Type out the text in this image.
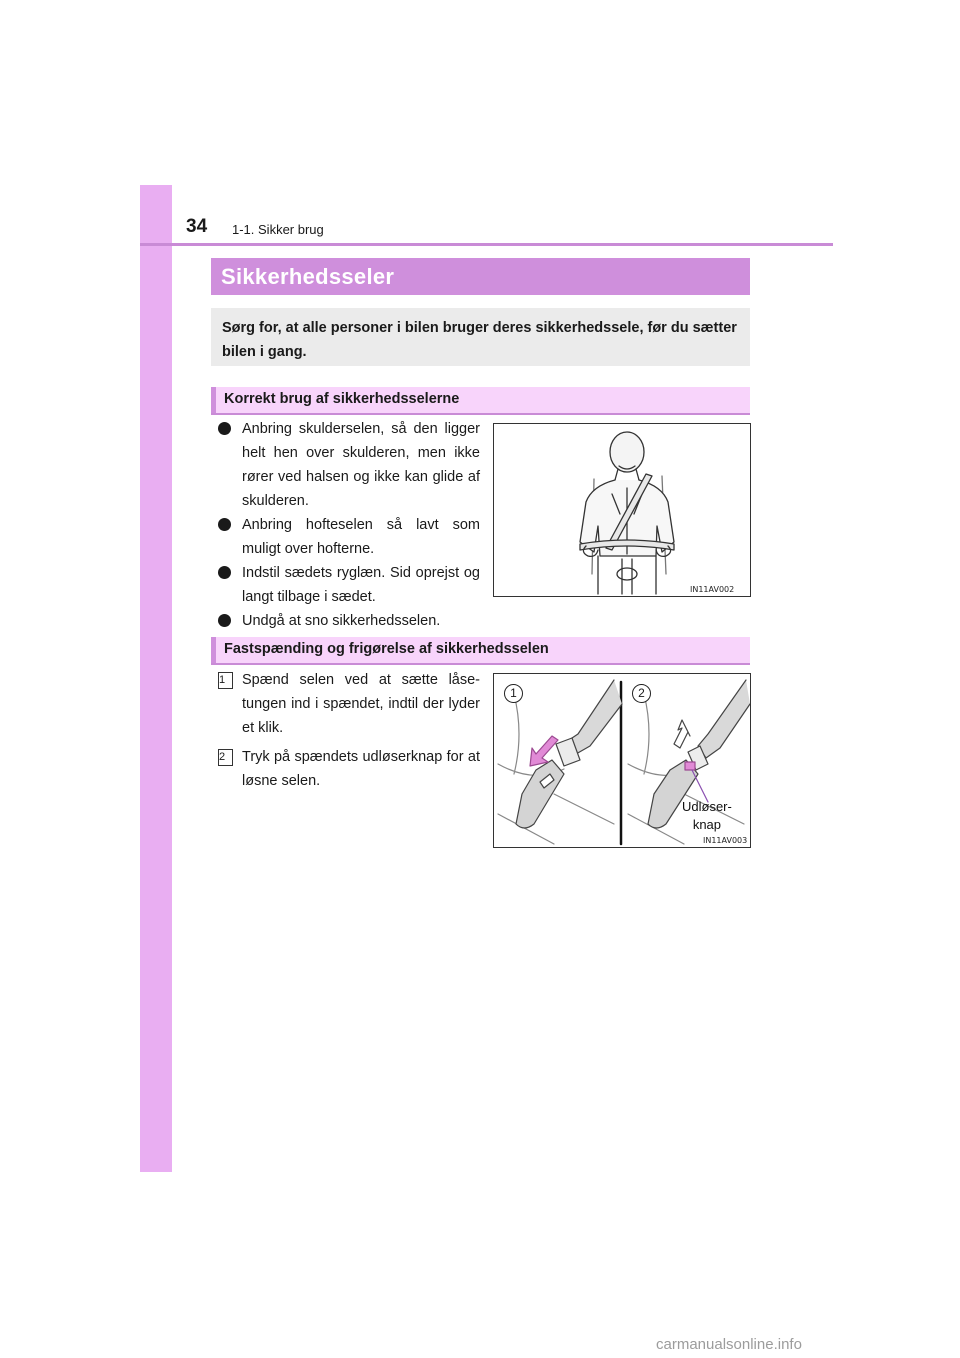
34 1-1. Sikker brug
Sikkerhedsseler

Sørg for, at alle personer i bilen bruger deres sikkerhedssele, før du sætter bilen i gang.

Korrekt brug af sikkerhedsselerne
Anbring skulderselen, så den ligger helt hen over skulderen, men ikke rører ved halsen og ikke kan glide af skulderen.
Anbring hofteselen så lavt som muligt over hofterne.
Indstil sædets ryglæn. Sid oprejst og langt tilbage i sædet.
Undgå at sno sikkerhedsselen.
IN11AV002
Fastspænding og frigørelse af sikkerhedsselen
1	Spænd selen ved at sætte låse-tungen ind i spændet, indtil der lyder et klik.
2	Tryk på spændets udløserknap for at løsne selen.
1	2
Udløser-
knap
IN11AV003
carmanualsonline.info
